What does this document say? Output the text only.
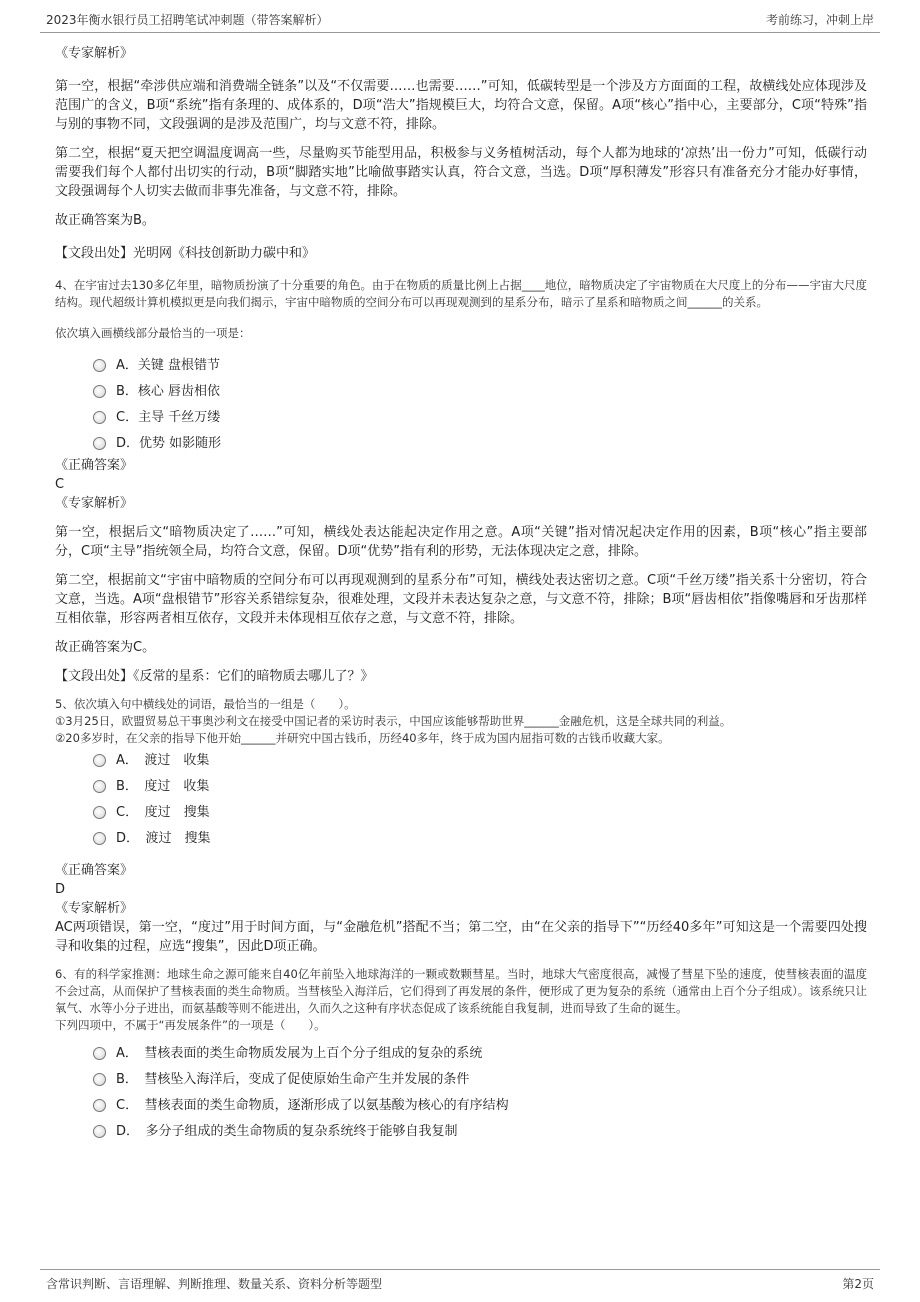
2023年衡水银行员工招聘笔试冲刺题（带答案解析）	考前练习，冲刺上岸

《专家解析》

第一空，根据“牵涉供应端和消费端全链条”以及“不仅需要……也需要……”可知，低碳转型是一个涉及方方面面的工程，故横线处应体现涉及范围广的含义，B项“系统”指有条理的、成体系的，D项“浩大”指规模巨大，均符合文意，保留。A项“核心”指中心，主要部分，C项“特殊”指与别的事物不同，文段强调的是涉及范围广，均与文意不符，排除。

第二空，根据“夏天把空调温度调高一些，尽量购买节能型用品，积极参与义务植树活动，每个人都为地球的‘凉热’出一份力”可知，低碳行动需要我们每个人都付出切实的行动，B项“脚踏实地”比喻做事踏实认真，符合文意，当选。D项“厚积薄发”形容只有准备充分才能办好事情，文段强调每个人切实去做而非事先准备，与文意不符，排除。

故正确答案为B。

【文段出处】光明网《科技创新助力碳中和》

4、在宇宙过去130多亿年里，暗物质扮演了十分重要的角色。由于在物质的质量比例上占据____地位，暗物质决定了宇宙物质在大尺度上的分布——宇宙大尺度结构。现代超级计算机模拟更是向我们揭示，宇宙中暗物质的空间分布可以再现观测到的星系分布，暗示了星系和暗物质之间______的关系。

依次填入画横线部分最恰当的一项是：

A．关键 盘根错节
B．核心 唇齿相依
C．主导 千丝万缕
D．优势 如影随形

《正确答案》

C

《专家解析》

第一空，根据后文“暗物质决定了……”可知，横线处表达能起决定作用之意。A项“关键”指对情况起决定作用的因素，B项“核心”指主要部分，C项“主导”指统领全局，均符合文意，保留。D项“优势”指有利的形势，无法体现决定之意，排除。

第二空，根据前文“宇宙中暗物质的空间分布可以再现观测到的星系分布”可知，横线处表达密切之意。C项“千丝万缕”指关系十分密切，符合文意，当选。A项“盘根错节”形容关系错综复杂，很难处理，文段并未表达复杂之意，与文意不符，排除；B项“唇齿相依”指像嘴唇和牙齿那样互相依靠，形容两者相互依存，文段并未体现相互依存之意，与文意不符，排除。

故正确答案为C。

【文段出处】《反常的星系：它们的暗物质去哪儿了？》

5、依次填入句中横线处的词语，最恰当的一组是（　　）。

①3月25日，欧盟贸易总干事奥沙利文在接受中国记者的采访时表示，中国应该能够帮助世界______金融危机，这是全球共同的利益。

②20多岁时，在父亲的指导下他开始______并研究中国古钱币，历经40多年，终于成为国内屈指可数的古钱币收藏大家。

A．　渡过　收集
B．　度过　收集
C．　度过　搜集
D．　渡过　搜集

《正确答案》

D

《专家解析》

AC两项错误，第一空，“度过”用于时间方面，与“金融危机”搭配不当；第二空，由“在父亲的指导下”“历经40多年”可知这是一个需要四处搜寻和收集的过程，应选“搜集”，因此D项正确。

6、有的科学家推测：地球生命之源可能来自40亿年前坠入地球海洋的一颗或数颗彗星。当时，地球大气密度很高，减慢了彗星下坠的速度，使彗核表面的温度不会过高，从而保护了彗核表面的类生命物质。当彗核坠入海洋后，它们得到了再发展的条件，便形成了更为复杂的系统（通常由上百个分子组成）。该系统只让氧气、水等小分子进出，而氨基酸等则不能进出，久而久之这种有序状态促成了该系统能自我复制，进而导致了生命的诞生。

下列四项中，不属于“再发展条件”的一项是（　　）。

A．　彗核表面的类生命物质发展为上百个分子组成的复杂的系统
B．　彗核坠入海洋后，变成了促使原始生命产生并发展的条件
C．　彗核表面的类生命物质，逐渐形成了以氨基酸为核心的有序结构
D．　多分子组成的类生命物质的复杂系统终于能够自我复制
含常识判断、言语理解、判断推理、数量关系、资料分析等题型	第2页
